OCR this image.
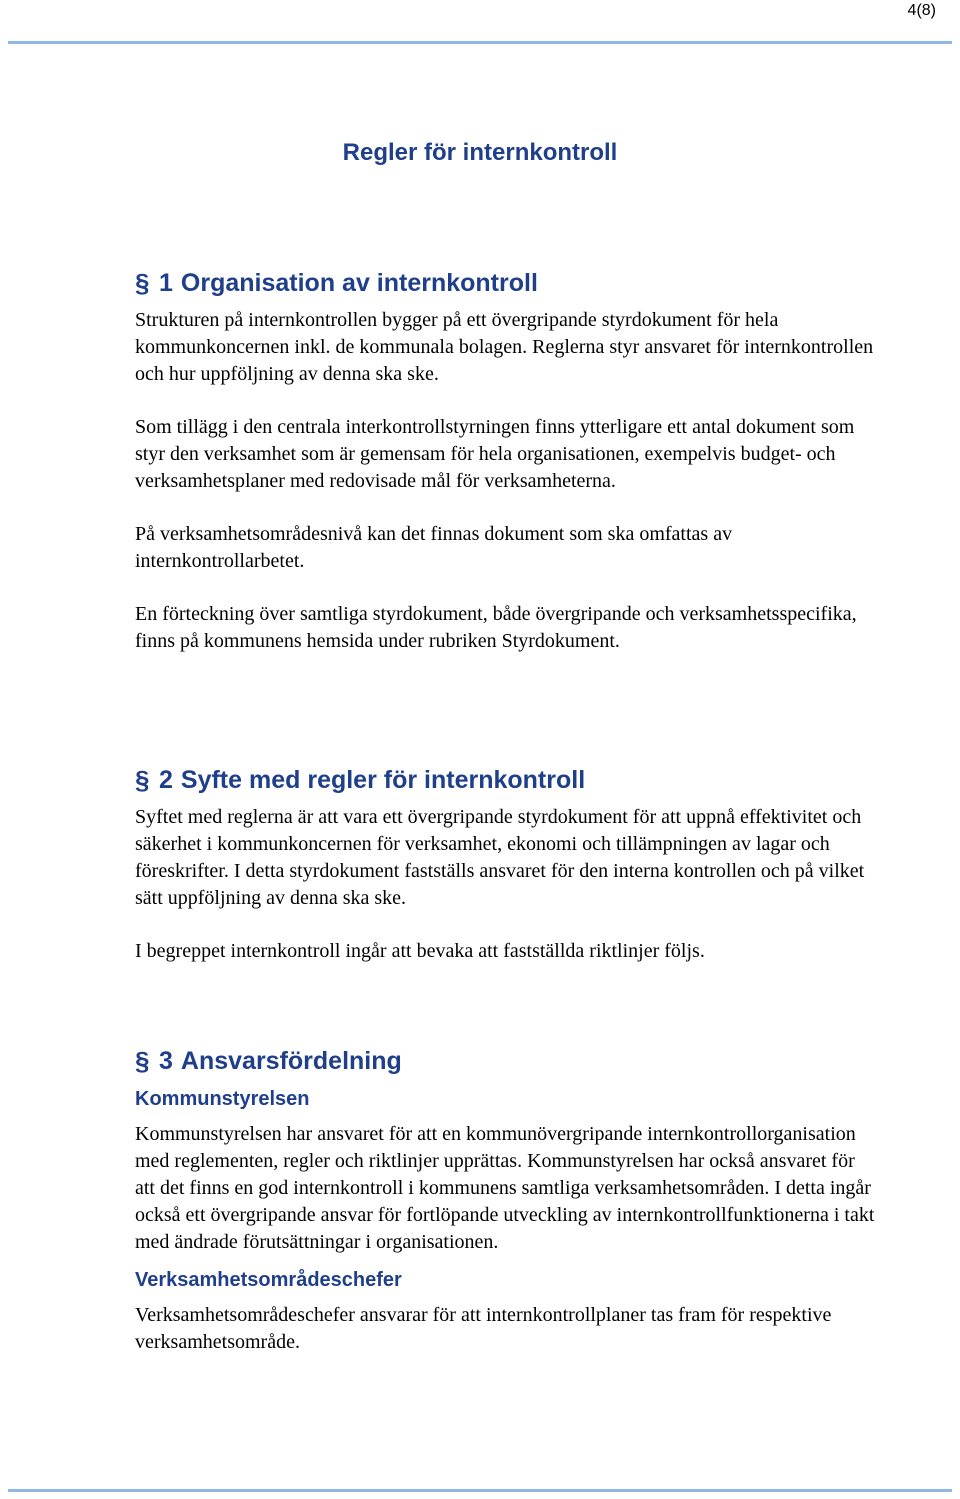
4(8)
Regler för internkontroll
§ 1 Organisation av internkontroll

Strukturen på internkontrollen bygger på ett övergripande styrdokument för hela kommunkoncernen inkl. de kommunala bolagen. Reglerna styr ansvaret för internkontrollen och hur uppföljning av denna ska ske.

Som tillägg i den centrala interkontrollstyrningen finns ytterligare ett antal dokument som styr den verksamhet som är gemensam för hela organisationen, exempelvis budget- och verksamhetsplaner med redovisade mål för verksamheterna.

På verksamhetsområdesnivå kan det finnas dokument som ska omfattas av internkontrollarbetet.

En förteckning över samtliga styrdokument, både övergripande och verksamhetsspecifika, finns på kommunens hemsida under rubriken Styrdokument.

§ 2 Syfte med regler för internkontroll

Syftet med reglerna är att vara ett övergripande styrdokument för att uppnå effektivitet och säkerhet i kommunkoncernen för verksamhet, ekonomi och tillämpningen av lagar och föreskrifter. I detta styrdokument fastställs ansvaret för den interna kontrollen och på vilket sätt uppföljning av denna ska ske.

I begreppet internkontroll ingår att bevaka att fastställda riktlinjer följs.

§ 3 Ansvarsfördelning
Kommunstyrelsen

Kommunstyrelsen har ansvaret för att en kommunövergripande internkontrollorganisation med reglementen, regler och riktlinjer upprättas. Kommunstyrelsen har också ansvaret för att det finns en god internkontroll i kommunens samtliga verksamhetsområden. I detta ingår också ett övergripande ansvar för fortlöpande utveckling av internkontrollfunktionerna i takt med ändrade förutsättningar i organisationen.

Verksamhetsområdeschefer

Verksamhetsområdeschefer ansvarar för att internkontrollplaner tas fram för respektive verksamhetsområde.
